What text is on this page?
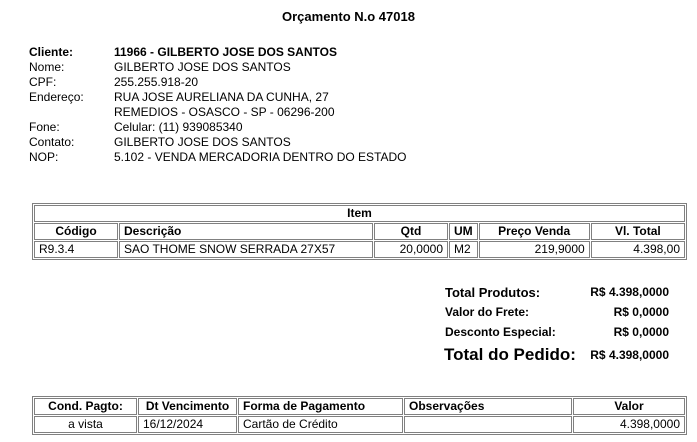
Orçamento N.o 47018
Cliente:	11966 - GILBERTO JOSE DOS SANTOS
Nome:	GILBERTO JOSE DOS SANTOS
CPF:	255.255.918-20
Endereço:	RUA JOSE AURELIANA DA CUNHA, 27
REMEDIOS - OSASCO - SP - 06296-200
Fone:	Celular: (11) 939085340
Contato:	GILBERTO JOSE DOS SANTOS
NOP:	5.102 - VENDA MERCADORIA DENTRO DO ESTADO
Item					
Código	Descrição	Qtd	UM	Preço Venda	Vl. Total
R9.3.4	SAO THOME SNOW SERRADA 27X57	20,0000	M2	219,9000	4.398,00
Total Produtos:	R$ 4.398,0000
Valor do Frete:	R$ 0,0000
Desconto Especial:	R$ 0,0000
Total do Pedido: R$ 4.398,0000
Cond. Pagto:	Dt Vencimento	Forma de Pagamento	Observações	Valor
a vista	16/12/2024	Cartão de Crédito		4.398,0000
